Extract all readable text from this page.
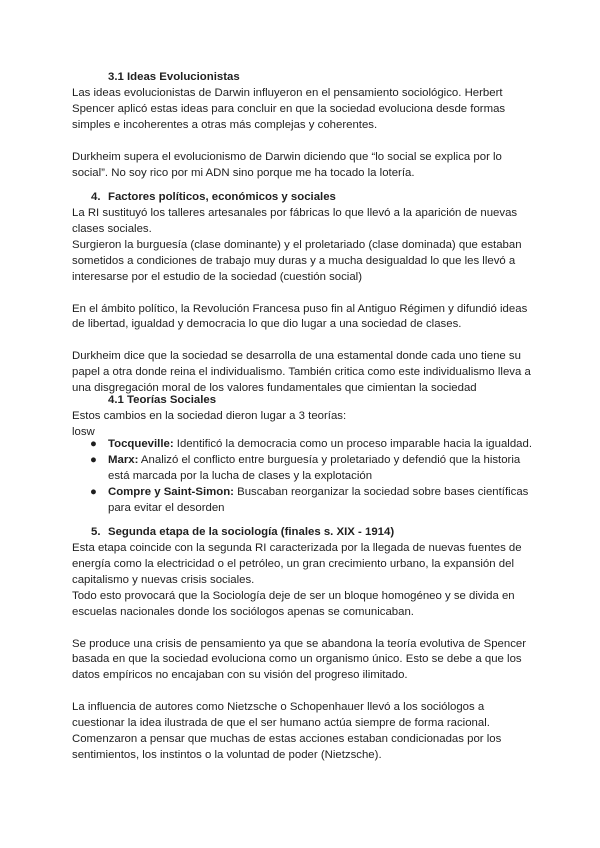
3.1 Ideas Evolucionistas

Las ideas evolucionistas de Darwin influyeron en el pensamiento sociológico. Herbert Spencer aplicó estas ideas para concluir en que la sociedad evoluciona desde formas simples e incoherentes a otras más complejas y coherentes.

Durkheim supera el evolucionismo de Darwin diciendo que “lo social se explica por lo social”. No soy rico por mi ADN sino porque me ha tocado la lotería.

4. Factores políticos, económicos y sociales

La RI sustituyó los talleres artesanales por fábricas lo que llevó a la aparición de nuevas clases sociales.

Surgieron la burguesía (clase dominante) y el proletariado (clase dominada) que estaban sometidos a condiciones de trabajo muy duras y a mucha desigualdad lo que les llevó a interesarse por el estudio de la sociedad (cuestión social)

En el ámbito político, la Revolución Francesa puso fin al Antiguo Régimen y difundió ideas de libertad, igualdad y democracia lo que dio lugar a una sociedad de clases.

Durkheim dice que la sociedad se desarrolla de una estamental donde cada uno tiene su papel a otra donde reina el individualismo. También critica como este individualismo lleva a una disgregación moral de los valores fundamentales que cimientan la sociedad

4.1 Teorías Sociales

Estos cambios en la sociedad dieron lugar a 3 teorías:

losw

● Tocqueville: Identificó la democracia como un proceso imparable hacia la igualdad.
● Marx: Analizó el conflicto entre burguesía y proletariado y defendió que la historia está marcada por la lucha de clases y la explotación
● Compre y Saint-Simon: Buscaban reorganizar la sociedad sobre bases científicas para evitar el desorden
5. Segunda etapa de la sociología (finales s. XIX - 1914)

Esta etapa coincide con la segunda RI caracterizada por la llegada de nuevas fuentes de energía como la electricidad o el petróleo, un gran crecimiento urbano, la expansión del capitalismo y nuevas crisis sociales.

Todo esto provocará que la Sociología deje de ser un bloque homogéneo y se divida en escuelas nacionales donde los sociólogos apenas se comunicaban.

Se produce una crisis de pensamiento ya que se abandona la teoría evolutiva de Spencer basada en que la sociedad evoluciona como un organismo único. Esto se debe a que los datos empíricos no encajaban con su visión del progreso ilimitado.

La influencia de autores como Nietzsche o Schopenhauer llevó a los sociólogos a cuestionar la idea ilustrada de que el ser humano actúa siempre de forma racional.

Comenzaron a pensar que muchas de estas acciones estaban condicionadas por los sentimientos, los instintos o la voluntad de poder (Nietzsche).
